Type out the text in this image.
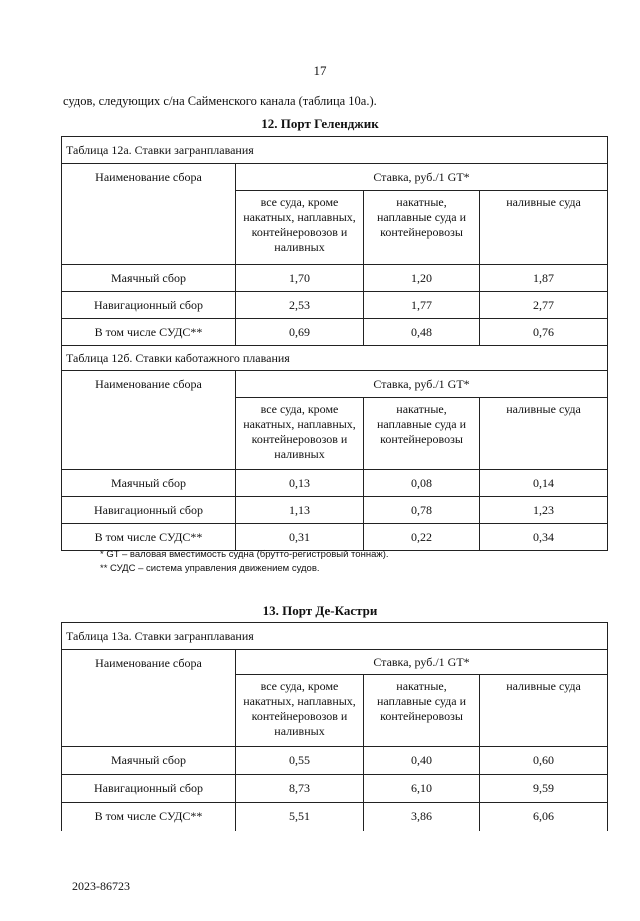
17
судов, следующих с/на Сайменского канала (таблица 10а.).
12. Порт Геленджик
Таблица 12а. Ставки загранплавания			
Наименование сбора	Ставка, руб./1 GT*		
	все суда, кроме накатных, наплавных, контейнеровозов и наливных	накатные, наплавные суда и контейнеровозы	наливные суда
Маячный сбор	1,70	1,20	1,87
Навигационный сбор	2,53	1,77	2,77
В том числе СУДС**	0,69	0,48	0,76
Таблица 12б. Ставки каботажного плавания			
Наименование сбора	Ставка, руб./1 GT*		
	все суда, кроме накатных, наплавных, контейнеровозов и наливных	накатные, наплавные суда и контейнеровозы	наливные суда
Маячный сбор	0,13	0,08	0,14
Навигационный сбор	1,13	0,78	1,23
В том числе СУДС**	0,31	0,22	0,34
* GT – валовая вместимость судна (брутто-регистровый тоннаж).
** СУДС – система управления движением судов.
13. Порт Де-Кастри
Таблица 13а. Ставки загранплавания			
Наименование сбора	Ставка, руб./1 GT*		
	все суда, кроме накатных, наплавных, контейнеровозов и наливных	накатные, наплавные суда и контейнеровозы	наливные суда
Маячный сбор	0,55	0,40	0,60
Навигационный сбор	8,73	6,10	9,59
В том числе СУДС**	5,51	3,86	6,06
2023-86723
